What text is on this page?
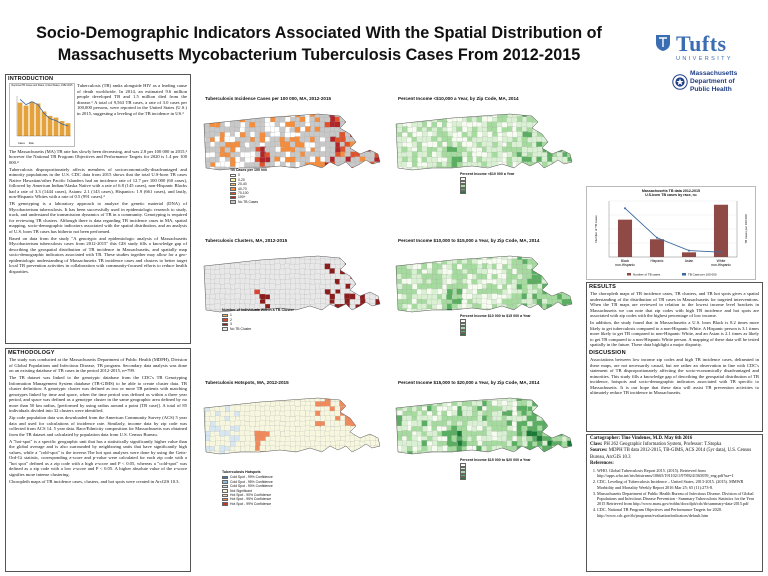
Socio-Demographic Indicators Associated With the Spatial Distribution of
Massachusetts Mycobacterium Tuberculosis Cases From 2012-2015	Tufts
UNIVERSITY
Massachusetts
Department of
Public Health
INTRODUCTION
Reported TB Cases and Rates, United States, 1982-2015
Cases Rate
Tuberculosis (TB) ranks alongside HIV as a leading cause of death worldwide. In 2014, an estimated 9.6 million people developed TB and 1.5 million died from the disease.¹ A total of 9,563 TB cases, a rate of 3.0 cases per 100,000 persons, were reported in the United States (U.S.) in 2015, suggesting a leveling of the TB incidence in US.²

The Massachusetts (MA) TB rate has slowly been decreasing, and was 2.8 per 100 000 in 2015,³ however the National TB Program Objectives and Performance Targets for 2020 is 1.4 per 100 000.⁴

Tuberculosis disproportionately affects members of socioeconomically-disadvantaged and minority populations in the U.S. CDC data from 2015 shows that the total U.S-born TB cases Native Hawaiian/other Pacific Islanders had an incidence rate of 12.7 per 100 000 (60 cases), followed by American Indian/Alaska Native with a rate of 6.8 (145 cases), non-Hispanic Blacks had a rate of 3.3 (1444 cases), Asians: 2.1 (143 cases), Hispanics: 1.9 (661 cases), and lastly, non-Hispanic Whites with a rate of 0.5 (991 cases).²

TB genotyping is a laboratory approach to analyze the genetic material (DNA) of Mycobacterium tuberculosis. It has been successfully used in epidemiologic research to study, track, and understand the transmission dynamics of TB in a community. Genotyping is required for reviewing TB clusters. Although there is data regarding TB incidence cases in MA, spatial mapping, socio-demographic indicators associated with the spatial distribution, and an analysis of U.S. born TB cases has hitherto not been performed.

Based on data from the study "A genotypic and epidemiologic analysis of Massachusetts Mycobacterium tuberculosis cases from 2012-2015" this GIS study fills a knowledge gap of describing the geospatial distribution of TB incidence in Massachusetts, and spatially map socio-demographic indicators associated with TB. These studies together may allow for a geo-epidemiologic understanding of Massachusetts TB incidence cases and clusters to better target local TB prevention activities in collaboration with community-focused efforts to reduce health disparities.

METHODOLOGY

The study was conducted at the Massachusetts Department of Public Health (MDPH), Division of Global Populations and Infectious Disease, TB program. Secondary data analysis was done on an existing database of TB cases in the period 2012-2015, n=799.

The TB dataset was linked to the genotypic database from the CDC's TB Genotyping Information Management System database (TB-GIMS) to be able to create cluster data. TB cluster definition: A genotypic cluster was defined as two or more TB patients with matching genotypes linked by time and space, when the time period was defined as within a three year period, and space was defined as a genotype cluster in the same geographic area defined by no more than 50 km radius, [performed by using radius around a point (TB case)]. A total of 85 individuals divided into 32 clusters were identified.

Zip code population data was downloaded from the American Community Survey (ACS) 5 year data and used for calculations of incidence rate. Similarly, income data by zip code was collected from ACS 14. 5 year data. Race/Ethnicity composition for Massachusetts was obtained from the TB dataset and calculated by population data from U.S. Census Bureau.

A "hot-spot" is a specific geographic unit that has a statistically significantly higher value than the global average and is also surrounded by neighboring units that have significantly high values, while a "cold-spot" is the inverse.The hot spot analyses were done by using the Getis-Ord-Gi statistic, corresponding z-score and p-value were calculated for each zip code with a "hot spot" defined as a zip code with a high z-score and P < 0.05, whereas a "cold-spot" was defined as a zip code with a low z-score and P < 0.05. A higher absolute value of the z-score signifies more intense clustering.

Choropleth maps of TB incidence cases, clusters, and hot spots were created in ArcGIS 10.3.

Tuberculosis Incidence Cases per 100 000, MA, 2012-2015
TB Cases per 100 000
0
0-20
20-40
40-70
70-100
100+
No TB Cases
Percent Income <$10,000 a Year, by Zip Code, MA, 2014
Percent Income <$10 000 a Year
Tuberculosis Clusters, MA, 2012-2015
Number of Individuals Within a TB Cluster
1
2
3
No TB Cluster
Percent Income $10,000 to $15,000 a Year, by Zip Code, MA, 2014
Percent Income $10 000 to $15 000 a Year
Tuberculosis Hotspots, MA, 2012-2015
Tuberculosis Hotspots
Cold Spot - 99% Confidence
Cold Spot - 95% Confidence
Cold Spot - 90% Confidence
Not Significant
Hot Spot - 90% Confidence
Hot Spot - 95% Confidence
Hot Spot - 99% Confidence
Percent Income $15,000 to $20,000 a Year, by Zip Code, MA, 2014
Percent Income $15 000 to $20 000 a Year
Massachusetts TB data 2012-2015
U.S-born TB cases by race, n=
Black non-Hispanic
Hispanic	Asian	White non-Hispanic
Number of TB cases	TB cases per 100 000
Number of TB cases	TB Case per 100 000
RESULTS

The choropleth maps of TB incidence cases, TB clusters, and TB hot spots gives a spatial understanding of the distribution of TB cases in Massachusetts for targeted interventions. When the TB maps are reviewed in relation to the lowest income level brackets in Massachusetts we can note that zip codes with high TB incidence and hot spots are associated with zip codes with the highest percentage of low income.

In addition, the study found that in Massachusetts a U.S. born Black is 8.2 times more likely to get tuberculosis compared to a non-Hispanic White. A Hispanic person is 3.1 times more likely to get TB compared to non-Hispanic White, and an Asian is 2.1 times as likely to get TB compared to a non-Hispanic White person. A mapping of these data will be tested spatially in the future. These data highlight a major disparity.

DISCUSSION

Associations between low income zip codes and high TB incidence cases, delineated in these maps, are not necessarily causal, but are rather an observation in line with CDC's statement of TB disproportionately affecting the socio-economically disadvantaged and minorities. This study fills a knowledge gap of describing the geospatial distribution of TB incidence, hotspots and socio-demographic indicators associated with TB specific to Massachusetts. It is our hope that these data will assist TB prevention activities to ultimately reduce TB incidence in Massachusetts.

Cartographer: Tine Vindenes, M.D. May 6th 2016
Class: PH 262 Geographic Information System, Professor: T.Stopka
Sources: MDPH TB data 2012-2015, TB-GIMS, ACS 2014 (5yr data), U.S. Census Bureau, ArcGIS 10.3
References:
1. WHO. Global Tuberculosis Report 2015. (2015). Retrieved from http://apps.who.int/iris/bitstream/10665/191102/1/9789241565059_eng.pdf?ua=1
2. CDC. Leveling of Tuberculosis Incidence – United States, 2013-2015. (2015). MMWR Morbidity and Mortality Weekly Report 2016 Mar 25; 65 (11):273-8.
3. Massachusetts Department of Public Health Bureau of Infectious Disease. Division of Global Populations and Infectious Disease Prevention - Summary Tuberculosis Statistics for the Year 2015 Retrieved from http://www.mass.gov/eohhs/docs/dph/cdc/tb/summary-data-2015.pdf
4. CDC. National TB Program Objectives and Performance Targets for 2020. http://www.cdc.gov/tb/programs/evaluation/indicators/default.htm
